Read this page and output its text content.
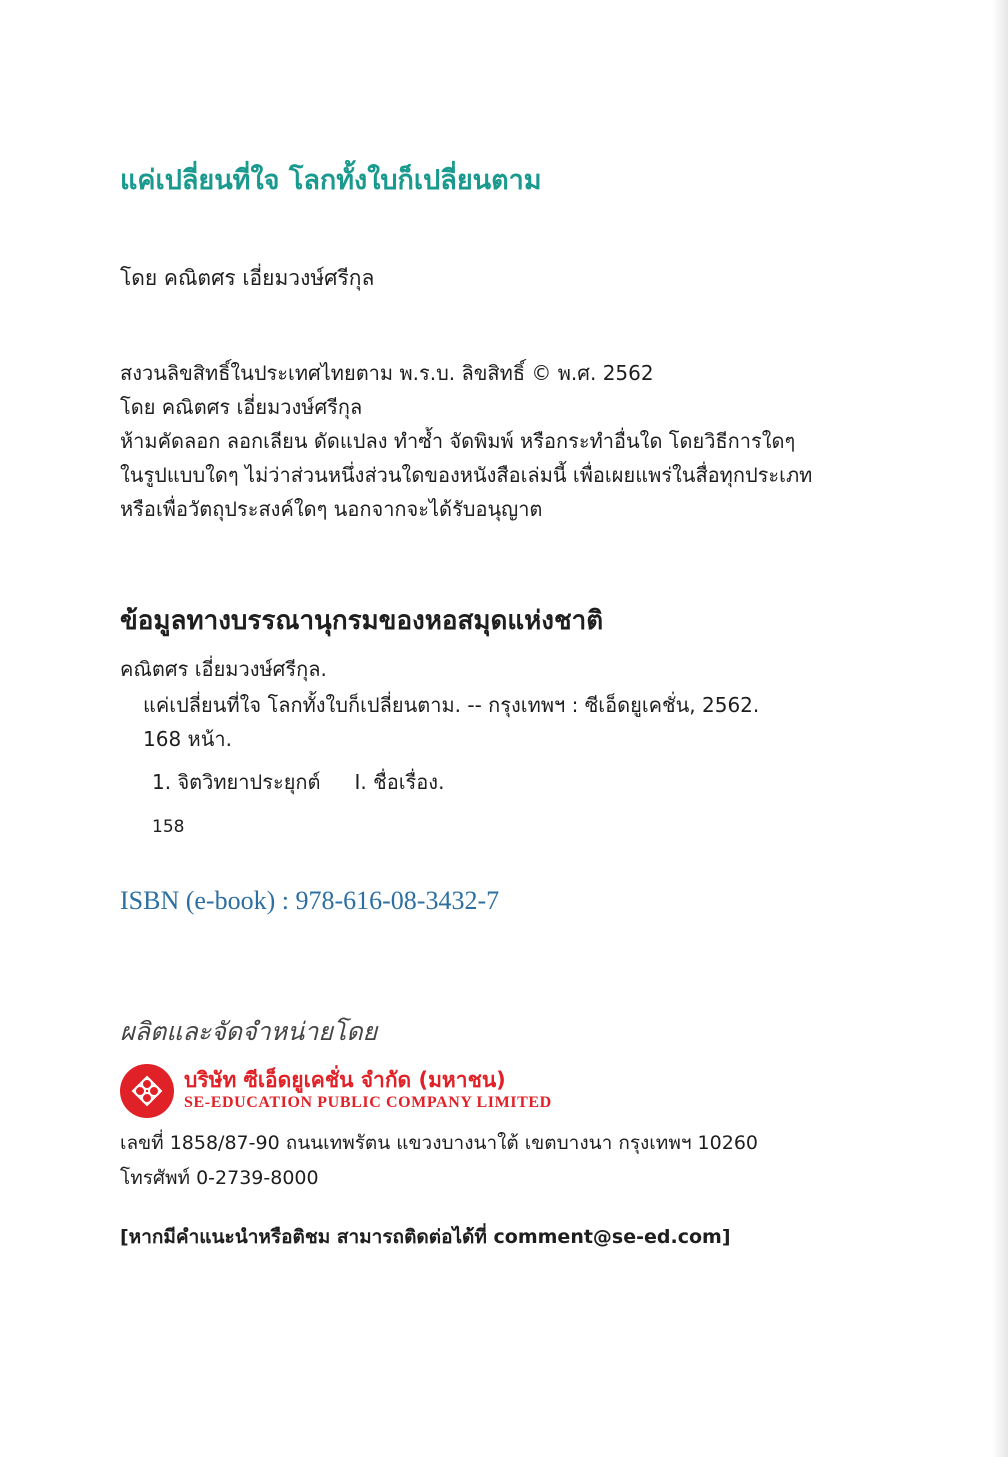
แค่เปลี่ยนที่ใจ โลกทั้งใบก็เปลี่ยนตาม
โดย คณิตศร เอี่ยมวงษ์ศรีกุล
สงวนลิขสิทธิ์ในประเทศไทยตาม พ.ร.บ. ลิขสิทธิ์ © พ.ศ. 2562
โดย คณิตศร เอี่ยมวงษ์ศรีกุล
ห้ามคัดลอก ลอกเลียน ดัดแปลง ทำซ้ำ จัดพิมพ์ หรือกระทำอื่นใด โดยวิธีการใดๆ
ในรูปแบบใดๆ ไม่ว่าส่วนหนึ่งส่วนใดของหนังสือเล่มนี้ เพื่อเผยแพร่ในสื่อทุกประเภท
หรือเพื่อวัตถุประสงค์ใดๆ นอกจากจะได้รับอนุญาต
ข้อมูลทางบรรณานุกรมของหอสมุดแห่งชาติ
คณิตศร เอี่ยมวงษ์ศรีกุล.
แค่เปลี่ยนที่ใจ โลกทั้งใบก็เปลี่ยนตาม. -- กรุงเทพฯ : ซีเอ็ดยูเคชั่น, 2562.
168 หน้า.
1. จิตวิทยาประยุกต์ I. ชื่อเรื่อง.
158
ISBN (e-book) : 978-616-08-3432-7
ผลิตและจัดจำหน่ายโดย
บริษัท ซีเอ็ดยูเคชั่น จำกัด (มหาชน)
SE-EDUCATION PUBLIC COMPANY LIMITED
เลขที่ 1858/87-90 ถนนเทพรัตน แขวงบางนาใต้ เขตบางนา กรุงเทพฯ 10260
โทรศัพท์ 0-2739-8000
[หากมีคำแนะนำหรือติชม สามารถติดต่อได้ที่ comment@se-ed.com]
